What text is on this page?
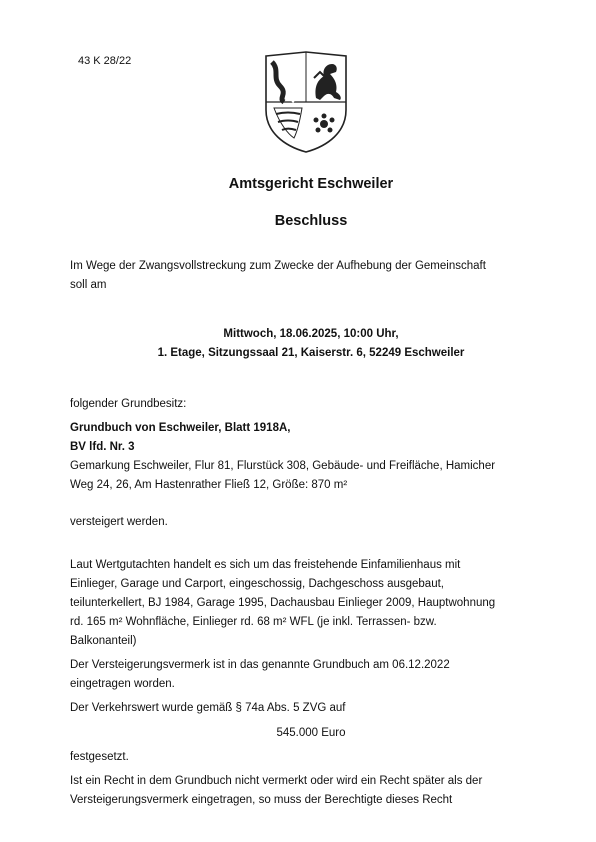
43 K 28/22
Amtsgericht Eschweiler
Beschluss
Im Wege der Zwangsvollstreckung zum Zwecke der Aufhebung der Gemeinschaft
soll am
Mittwoch, 18.06.2025, 10:00 Uhr,
1. Etage, Sitzungssaal 21, Kaiserstr. 6, 52249 Eschweiler
folgender Grundbesitz:
Grundbuch von Eschweiler, Blatt 1918A,
BV lfd. Nr. 3
Gemarkung Eschweiler, Flur 81, Flurstück 308, Gebäude- und Freifläche, Hamicher
Weg 24, 26, Am Hastenrather Fließ 12, Größe: 870 m²
versteigert werden.
Laut Wertgutachten handelt es sich um das freistehende Einfamilienhaus mit
Einlieger, Garage und Carport, eingeschossig, Dachgeschoss ausgebaut,
teilunterkellert, BJ 1984, Garage 1995, Dachausbau Einlieger 2009, Hauptwohnung
rd. 165 m² Wohnfläche, Einlieger rd. 68 m² WFL (je inkl. Terrassen- bzw.
Balkonanteil)
Der Versteigerungsvermerk ist in das genannte Grundbuch am 06.12.2022
eingetragen worden.
Der Verkehrswert wurde gemäß § 74a Abs. 5 ZVG auf
545.000 Euro
festgesetzt.
Ist ein Recht in dem Grundbuch nicht vermerkt oder wird ein Recht später als der
Versteigerungsvermerk eingetragen, so muss der Berechtigte dieses Recht
